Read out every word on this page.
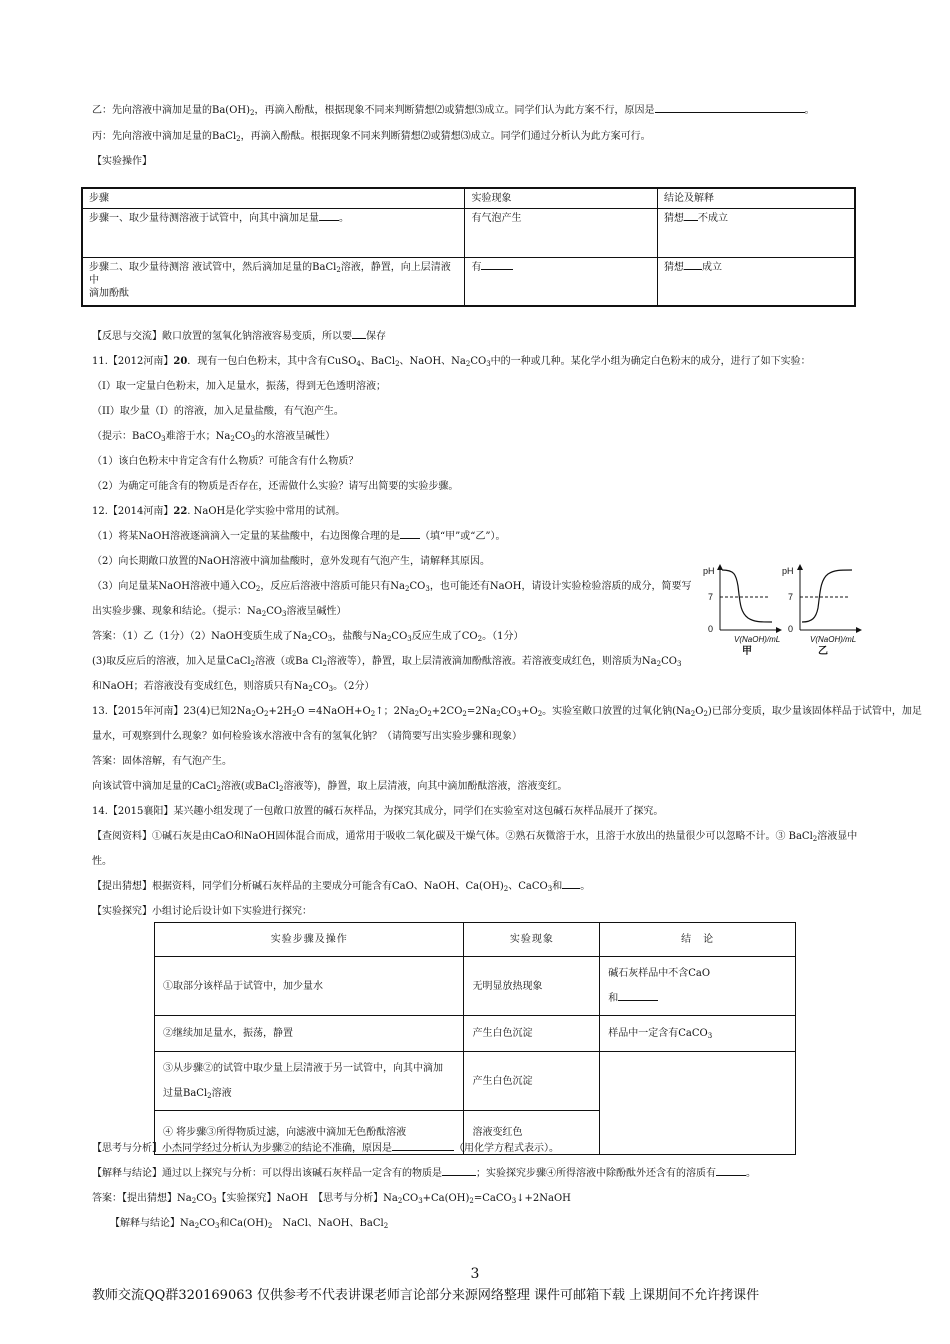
乙：先向溶液中滴加足量的$Ba(OH)_2$，再滴入酚酞，根据现象不同来判断猜想⑵或猜想⑶成立。同学们认为此方案不行，原因是	。
丙：先向溶液中滴加足量的BaCl$_2$，再滴入酚酞。根据现象不同来判断猜想⑵或猜想⑶成立。同学们通过分析认为此方案可行。
【实验操作】
步骤	实验现象	结论及解释
步骤一、取少量待测溶液于试管中，向其中滴加足量 。	有气泡产生	猜想 不成立
步骤二、取少量待测溶 液试管中，然后滴加足量的BaCl$_2$溶液，静置，向上层清液中
滴加酚酞	有	猜想 成立
【反思与交流】敞口放置的氢氧化钠溶液容易变质，所以要 保存
11.【2012河南】20．现有一包白色粉末，其中含有CuSO$_4$、BaCl$_2$、NaOH、$Na_2CO_3$中的一种或几种。某化学小组为确定白色粉末的成分，进行了如下实验：
（I）取一定量白色粉末，加入足量水，振荡，得到无色透明溶液；
（II）取少量（I）的溶液，加入足量盐酸，有气泡产生。
（提示：BaCO$_3$难溶于水；$Na_2CO_3$的水溶液呈碱性）
（1）该白色粉末中肯定含有什么物质？可能含有什么物质？
（2）为确定可能含有的物质是否存在，还需做什么实验？请写出简要的实验步骤。
12.【2014河南】22. NaOH是化学实验中常用的试剂。
（1）将某NaOH溶液逐滴滴入一定量的某盐酸中，右边图像合理的是 （填“甲”或“乙”）。
（2）向长期敞口放置的NaOH溶液中滴加盐酸时，意外发现有气泡产生，请解释其原因。
（3）向足量某NaOH溶液中通入$CO_2$，反应后溶液中溶质可能只有$Na_2CO_3$，也可能还有NaOH，请设计实验检验溶质的成分，简要写
出实验步骤、现象和结论。（提示：$Na_2CO_3$溶液呈碱性）
答案：（1）乙（1分）（2）NaOH变质生成了$Na_2CO_3$，盐酸与$Na_2CO_3$反应生成了$CO_2$。（1分）
(3)取反应后的溶液，加入足量CaCl$_2$溶液（或Ba $Cl_2$溶液等），静置，取上层清液滴加酚酞溶液。若溶液变成红色，则溶质为$Na_2CO_3$
和NaOH；若溶液没有变成红色，则溶质只有$Na_2CO_3$。（2分）
pH
7
0
V(NaOH)/mL
甲
pH
7
0
V(NaOH)/mL
乙
13.【2015年河南】23(4)已知$2Na_2O_2+2H_2O$ $=4NaOH+O_2↑$；$2Na_2O_2+2CO_2=2Na_2CO_3+O_2$。实验室敞口放置的过氧化钠$(Na_2O_2)$已部分变质，取少量该固体样品于试管中，加足
量水，可观察到什么现象？如何检验该水溶液中含有的氢氧化钠？（请简要写出实验步骤和现象）
答案：固体溶解，有气泡产生。
向该试管中滴加足量的CaCl$_2$溶液(或BaCl$_2$溶液等)，静置，取上层清液，向其中滴加酚酞溶液，溶液变红。
14.【2015襄阳】某兴趣小组发现了一包敞口放置的碱石灰样品，为探究其成分，同学们在实验室对这包碱石灰样品展开了探究。
【查阅资料】①碱石灰是由CaO和NaOH固体混合而成，通常用于吸收二氧化碳及干燥气体。②熟石灰微溶于水，且溶于水放出的热量很少可以忽略不计。③ BaCl$_2$溶液显中
性。
【提出猜想】根据资料，同学们分析碱石灰样品的主要成分可能含有CaO、NaOH、$Ca(OH)_2$、CaCO$_3$和 。
【实验探究】小组讨论后设计如下实验进行探究：
实验步骤及操作	实验现象	结　论
①取部分该样品于试管中，加少量水	无明显放热现象	碱石灰样品中不含CaO
和
②继续加足量水，振荡，静置	产生白色沉淀	样品中一定含有CaCO$_3$
③从步骤②的试管中取少量上层清液于另一试管中，向其中滴加
过量BaCl$_2$溶液	产生白色沉淀	
④ 将步骤③所得物质过滤，向滤液中滴加无色酚酞溶液	溶液变红色	
【思考与分析】小杰同学经过分析认为步骤②的结论不准确，原因是	（用化学方程式表示）。
【解释与结论】通过以上探究与分析：可以得出该碱石灰样品一定含有的物质是	；实验探究步骤④所得溶液中除酚酞外还含有的溶质有	。
答案：【提出猜想】$Na_2CO_3$【实验探究】NaOH　【思考与分析】$Na_2CO_3+Ca(OH)_2=CaCO_3↓+2NaOH$
【解释与结论】$Na_2CO_3$和$Ca(OH)_2$　NaCl、NaOH、BaCl$_2$
3
教师交流QQ群320169063 仅供参考不代表讲课老师言论部分来源网络整理 课件可邮箱下载 上课期间不允许拷课件
